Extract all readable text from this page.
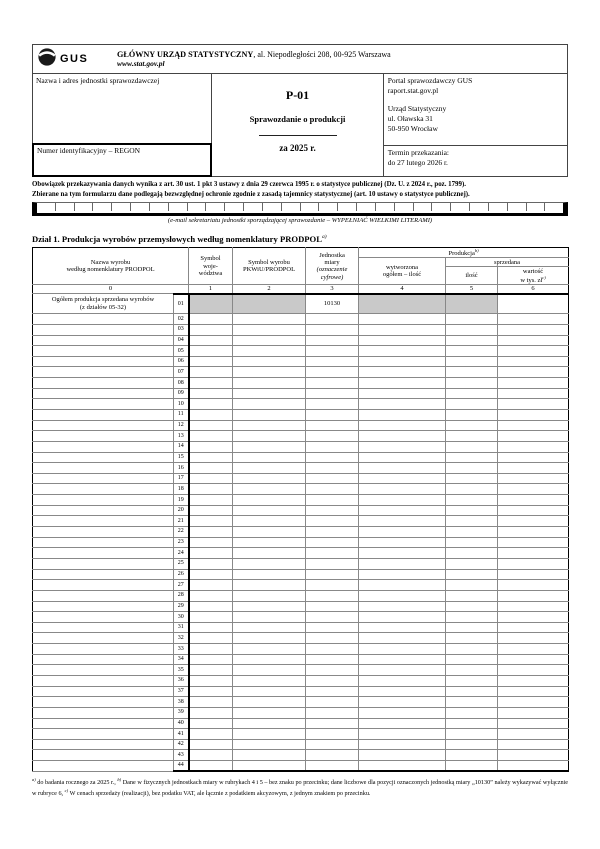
GUS	GŁÓWNY URZĄD STATYSTYCZNY, al. Niepodległości 208, 00-925 Warszawa
www.stat.gov.pl
Nazwa i adres jednostki sprawozdawczej
Numer identyfikacyjny – REGON
P-01
Sprawozdanie o produkcji
za 2025 r.
Portal sprawozdawczy GUS
raport.stat.gov.pl
Urząd Statystyczny
ul. Oławska 31
50-950 Wrocław
Termin przekazania:
do 27 lutego 2026 r.
Obowiązek przekazywania danych wynika z art. 30 ust. 1 pkt 3 ustawy z dnia 29 czerwca 1995 r. o statystyce publicznej (Dz. U. z 2024 r., poz. 1799).
Zbierane na tym formularzu dane podlegają bezwzględnej ochronie zgodnie z zasadą tajemnicy statystycznej (art. 10 ustawy o statystyce publicznej).
(e-mail sekretariatu jednostki sporządzającej sprawozdanie – WYPEŁNIAĆ WIELKIMI LITERAMI)
Dział 1. Produkcja wyrobów przemysłowych według nomenklatury PRODPOL$^{a)}$
Nazwa wyrobu
według nomenklatury PRODPOL		Symbol
woje-
wództwa	Symbol wyrobu
PKWiU/PRODPOL	Jednostka
miary
(oznaczenie
cyfrowe)	Produkcja$^{b)}$
					wytworzona
ogółem – ilość	sprzedana	
						ilość	wartość
w tys. $zł^{c)}$
0		1	2	3	4	5	6
Ogółem produkcja sprzedana wyrobów
(z działów 05-32)	01			10130			
	02						
	03						
	04						
	05						
	06						
	07						
	08						
	09						
	10						
	11						
	12						
	13						
	14						
	15						
	16						
	17						
	18						
	19						
	20						
	21						
	22						
	23						
	24						
	25						
	26						
	27						
	28						
	29						
	30						
	31						
	32						
	33						
	34						
	35						
	36						
	37						
	38						
	39						
	40						
	41						
	42						
	43						
	44						
$^{a)}$ do badania rocznego za 2025 r., $^{b)}$ Dane w fizycznych jednostkach miary w rubrykach 4 i 5 – bez znaku po przecinku; dane liczbowe dla pozycji oznaczonych jednostką miary „10130” należy wykazywać wyłącznie w rubryce 6, $^{c)}$ W cenach sprzedaży (realizacji), bez podatku VAT, ale łącznie z podatkiem akcyzowym, z jednym znakiem po przecinku.
